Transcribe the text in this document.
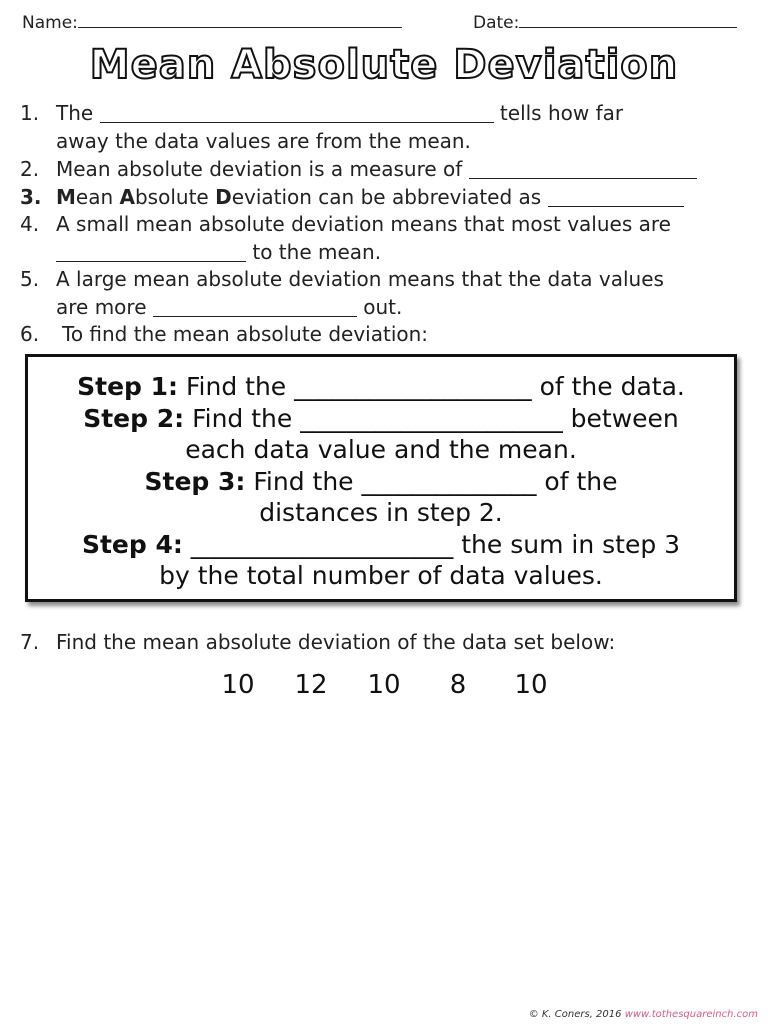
Name:	Date:
Mean Absolute Deviation
1. The	tells how far
away the data values are from the mean.
2. Mean absolute deviation is a measure of
3. Mean Absolute Deviation can be abbreviated as
4. A small mean absolute deviation means that most values are
to the mean.
5. A large mean absolute deviation means that the data values
are more	out.
6. To find the mean absolute deviation:
Step 1: Find the ___________________ of the data.
Step 2: Find the _____________________ between
each data value and the mean.
Step 3: Find the ______________ of the
distances in step 2.
Step 4: _____________________ the sum in step 3
by the total number of data values.
7. Find the mean absolute deviation of the data set below:
10 12 10 8 10
© K. Coners, 2016 www.tothesquareinch.com
